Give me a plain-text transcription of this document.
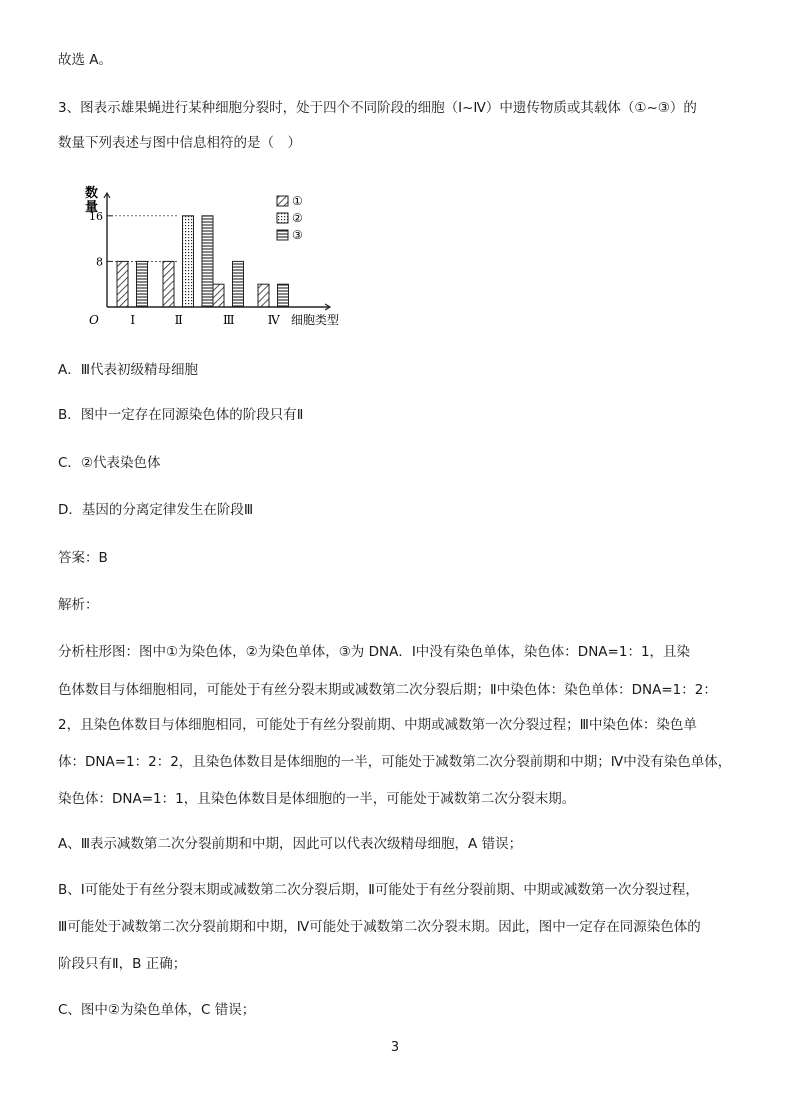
故选 A。
3、图表示雄果蝇进行某种细胞分裂时，处于四个不同阶段的细胞（Ⅰ~Ⅳ）中遗传物质或其载体（①~③）的
数量下列表述与图中信息相符的是（　）
数
量
8
16
O	Ⅰ	Ⅱ	Ⅲ	Ⅳ 细胞类型
①
②
③
A．Ⅲ代表初级精母细胞
B．图中一定存在同源染色体的阶段只有Ⅱ
C．②代表染色体
D．基因的分离定律发生在阶段Ⅲ
答案：B
解析：
分析柱形图：图中①为染色体，②为染色单体，③为 DNA．Ⅰ中没有染色单体，染色体：DNA=1：1，且染
色体数目与体细胞相同，可能处于有丝分裂末期或减数第二次分裂后期；Ⅱ中染色体：染色单体：DNA=1：2：
2，且染色体数目与体细胞相同，可能处于有丝分裂前期、中期或减数第一次分裂过程；Ⅲ中染色体：染色单
体：DNA=1：2：2，且染色体数目是体细胞的一半，可能处于减数第二次分裂前期和中期；Ⅳ中没有染色单体，
染色体：DNA=1：1，且染色体数目是体细胞的一半，可能处于减数第二次分裂末期。
A、Ⅲ表示减数第二次分裂前期和中期，因此可以代表次级精母细胞，A 错误；
B、Ⅰ可能处于有丝分裂末期或减数第二次分裂后期，Ⅱ可能处于有丝分裂前期、中期或减数第一次分裂过程，
Ⅲ可能处于减数第二次分裂前期和中期，Ⅳ可能处于减数第二次分裂末期。因此，图中一定存在同源染色体的
阶段只有Ⅱ，B 正确；
C、图中②为染色单体，C 错误；
3
